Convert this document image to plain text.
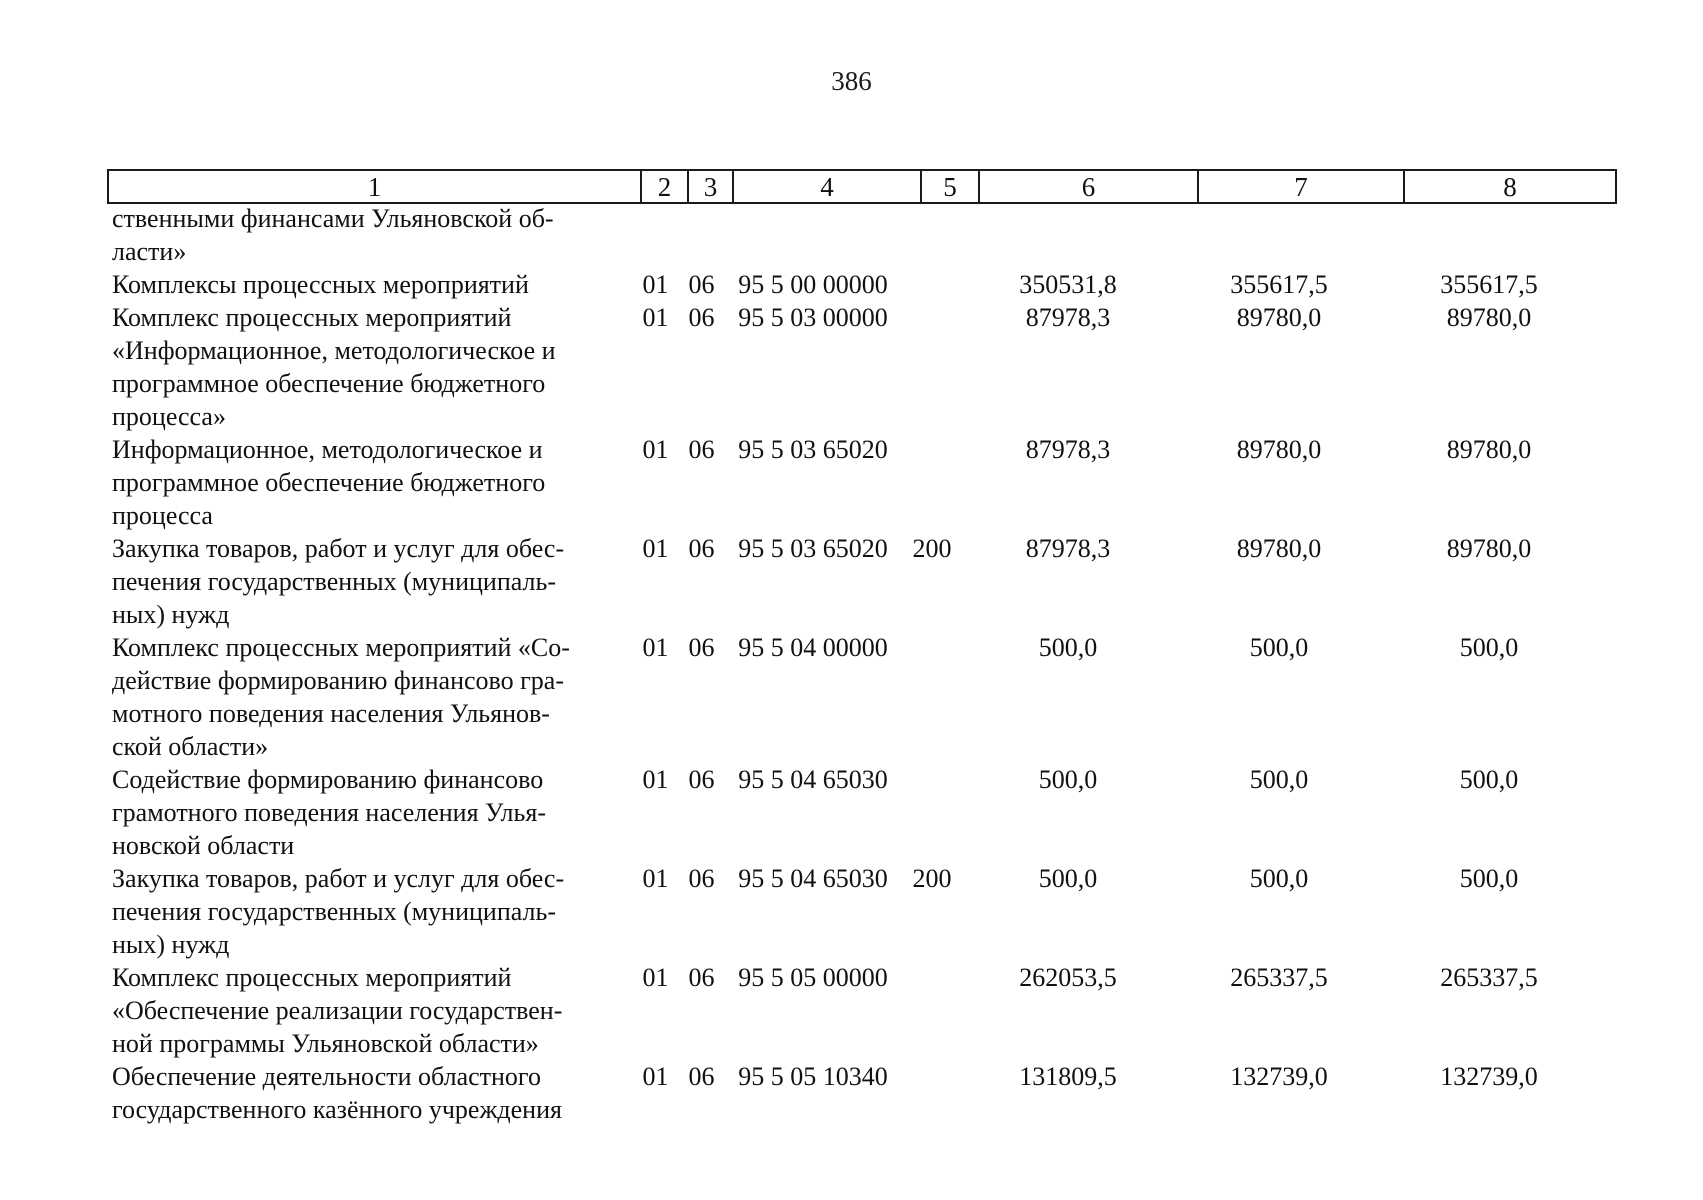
386
1	2	3	4	5	6	7	8
ственными финансами Ульяновской об-
ласти»
Комплексы процессных мероприятий	01 06 95 5 00 00000	350531,8	355617,5	355617,5
Комплекс процессных мероприятий
«Информационное, методологическое и
программное обеспечение бюджетного
процесса»
01 06 95 5 03 00000	87978,3	89780,0	89780,0
Информационное, методологическое и
программное обеспечение бюджетного
процесса
01 06 95 5 03 65020	87978,3	89780,0	89780,0
Закупка товаров, работ и услуг для обес-
печения государственных (муниципаль-
ных) нужд
01 06 95 5 03 65020 200	87978,3	89780,0	89780,0
Комплекс процессных мероприятий «Со-
действие формированию финансово гра-
мотного поведения населения Ульянов-
ской области»
01 06 95 5 04 00000	500,0	500,0	500,0
Содействие формированию финансово
грамотного поведения населения Улья-
новской области
01 06 95 5 04 65030	500,0	500,0	500,0
Закупка товаров, работ и услуг для обес-
печения государственных (муниципаль-
ных) нужд
01 06 95 5 04 65030 200	500,0	500,0	500,0
Комплекс процессных мероприятий
«Обеспечение реализации государствен-
ной программы Ульяновской области»
01 06 95 5 05 00000	262053,5	265337,5	265337,5
Обеспечение деятельности областного
государственного казённого учреждения
01 06 95 5 05 10340	131809,5	132739,0	132739,0
